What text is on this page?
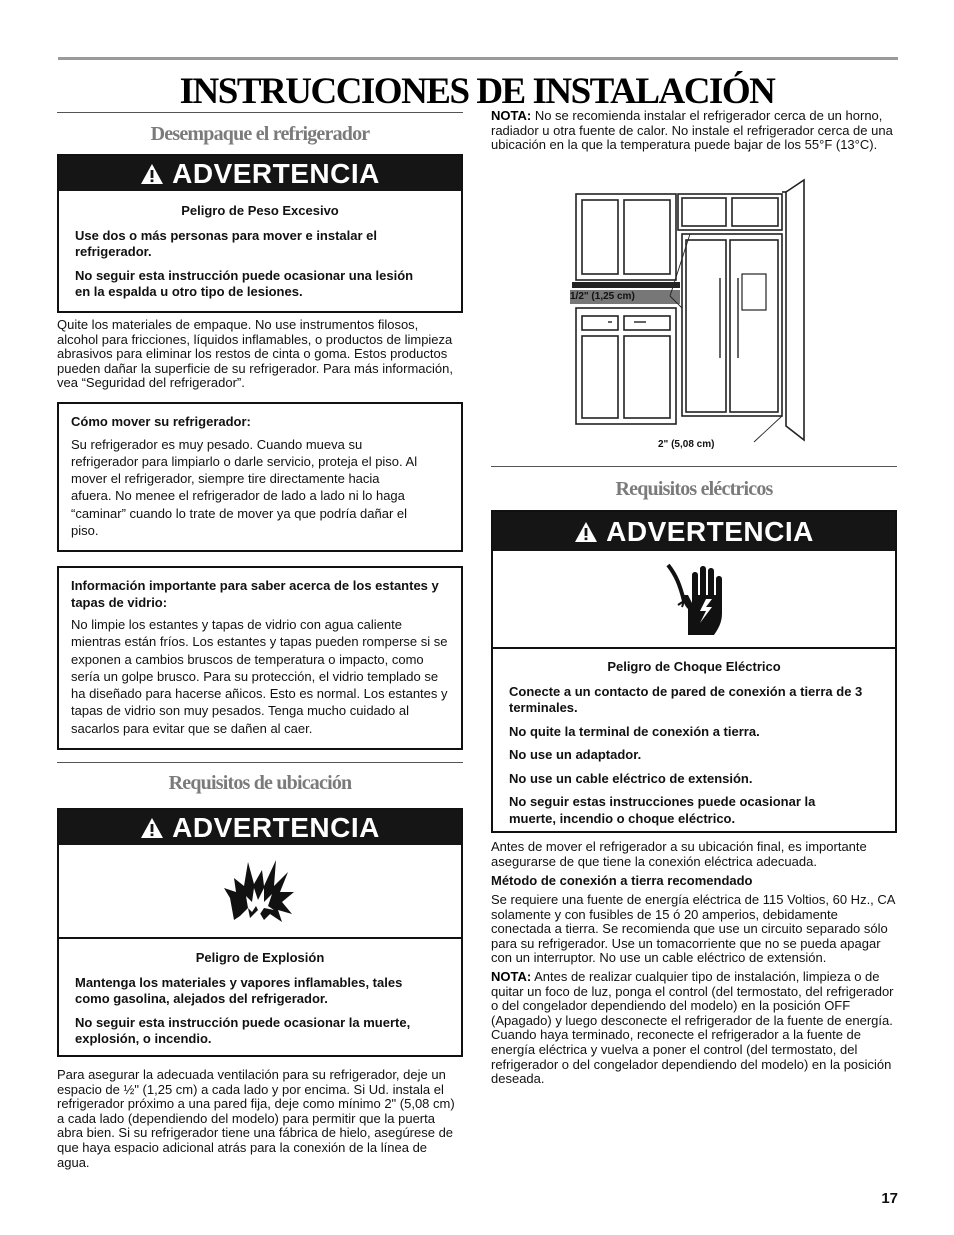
INSTRUCCIONES DE INSTALACIÓN
Desempaque el refrigerador
ADVERTENCIA
Peligro de Peso Excesivo

Use dos o más personas para mover e instalar el refrigerador.

No seguir esta instrucción puede ocasionar una lesión en la espalda u otro tipo de lesiones.

Quite los materiales de empaque. No use instrumentos filosos, alcohol para fricciones, líquidos inflamables, o productos de limpieza abrasivos para eliminar los restos de cinta o goma. Estos productos pueden dañar la superficie de su refrigerador. Para más información, vea “Seguridad del refrigerador”.
Cómo mover su refrigerador:
Su refrigerador es muy pesado. Cuando mueva su refrigerador para limpiarlo o darle servicio, proteja el piso. Al mover el refrigerador, siempre tire directamente hacia afuera. No menee el refrigerador de lado a lado ni lo haga “caminar” cuando lo trate de mover ya que podría dañar el piso.
Información importante para saber acerca de los estantes y tapas de vidrio:
No limpie los estantes y tapas de vidrio con agua caliente mientras están fríos. Los estantes y tapas pueden romperse si se exponen a cambios bruscos de temperatura o impacto, como sería un golpe brusco. Para su protección, el vidrio templado se ha diseñado para hacerse añicos. Esto es normal. Los estantes y tapas de vidrio son muy pesados. Tenga mucho cuidado al sacarlos para evitar que se dañen al caer.
Requisitos de ubicación
ADVERTENCIA
Peligro de Explosión

Mantenga los materiales y vapores inflamables, tales como gasolina, alejados del refrigerador.

No seguir esta instrucción puede ocasionar la muerte, explosión, o incendio.

Para asegurar la adecuada ventilación para su refrigerador, deje un espacio de ½" (1,25 cm) a cada lado y por encima. Si Ud. instala el refrigerador próximo a una pared fija, deje como mínimo 2" (5,08 cm) a cada lado (dependiendo del modelo) para permitir que la puerta abra bien. Si su refrigerador tiene una fábrica de hielo, asegúrese de que haya espacio adicional atrás para la conexión de la línea de agua.
NOTA: No se recomienda instalar el refrigerador cerca de un horno, radiador u otra fuente de calor. No instale el refrigerador cerca de una ubicación en la que la temperatura puede bajar de los 55°F (13°C).
1/2" (1,25 cm)
2" (5,08 cm)
Requisitos eléctricos
ADVERTENCIA
Peligro de Choque Eléctrico

Conecte a un contacto de pared de conexión a tierra de 3 terminales.

No quite la terminal de conexión a tierra.

No use un adaptador.

No use un cable eléctrico de extensión.

No seguir estas instrucciones puede ocasionar la muerte, incendio o choque eléctrico.

Antes de mover el refrigerador a su ubicación final, es importante asegurarse de que tiene la conexión eléctrica adecuada.
Método de conexión a tierra recomendado
Se requiere una fuente de energía eléctrica de 115 Voltios, 60 Hz., CA solamente y con fusibles de 15 ó 20 amperios, debidamente conectada a tierra. Se recomienda que use un circuito separado sólo para su refrigerador. Use un tomacorriente que no se pueda apagar con un interruptor. No use un cable eléctrico de extensión.
NOTA: Antes de realizar cualquier tipo de instalación, limpieza o de quitar un foco de luz, ponga el control (del termostato, del refrigerador o del congelador dependiendo del modelo) en la posición OFF (Apagado) y luego desconecte el refrigerador de la fuente de energía. Cuando haya terminado, reconecte el refrigerador a la fuente de energía eléctrica y vuelva a poner el control (del termostato, del refrigerador o del congelador dependiendo del modelo) en la posición deseada.
17
